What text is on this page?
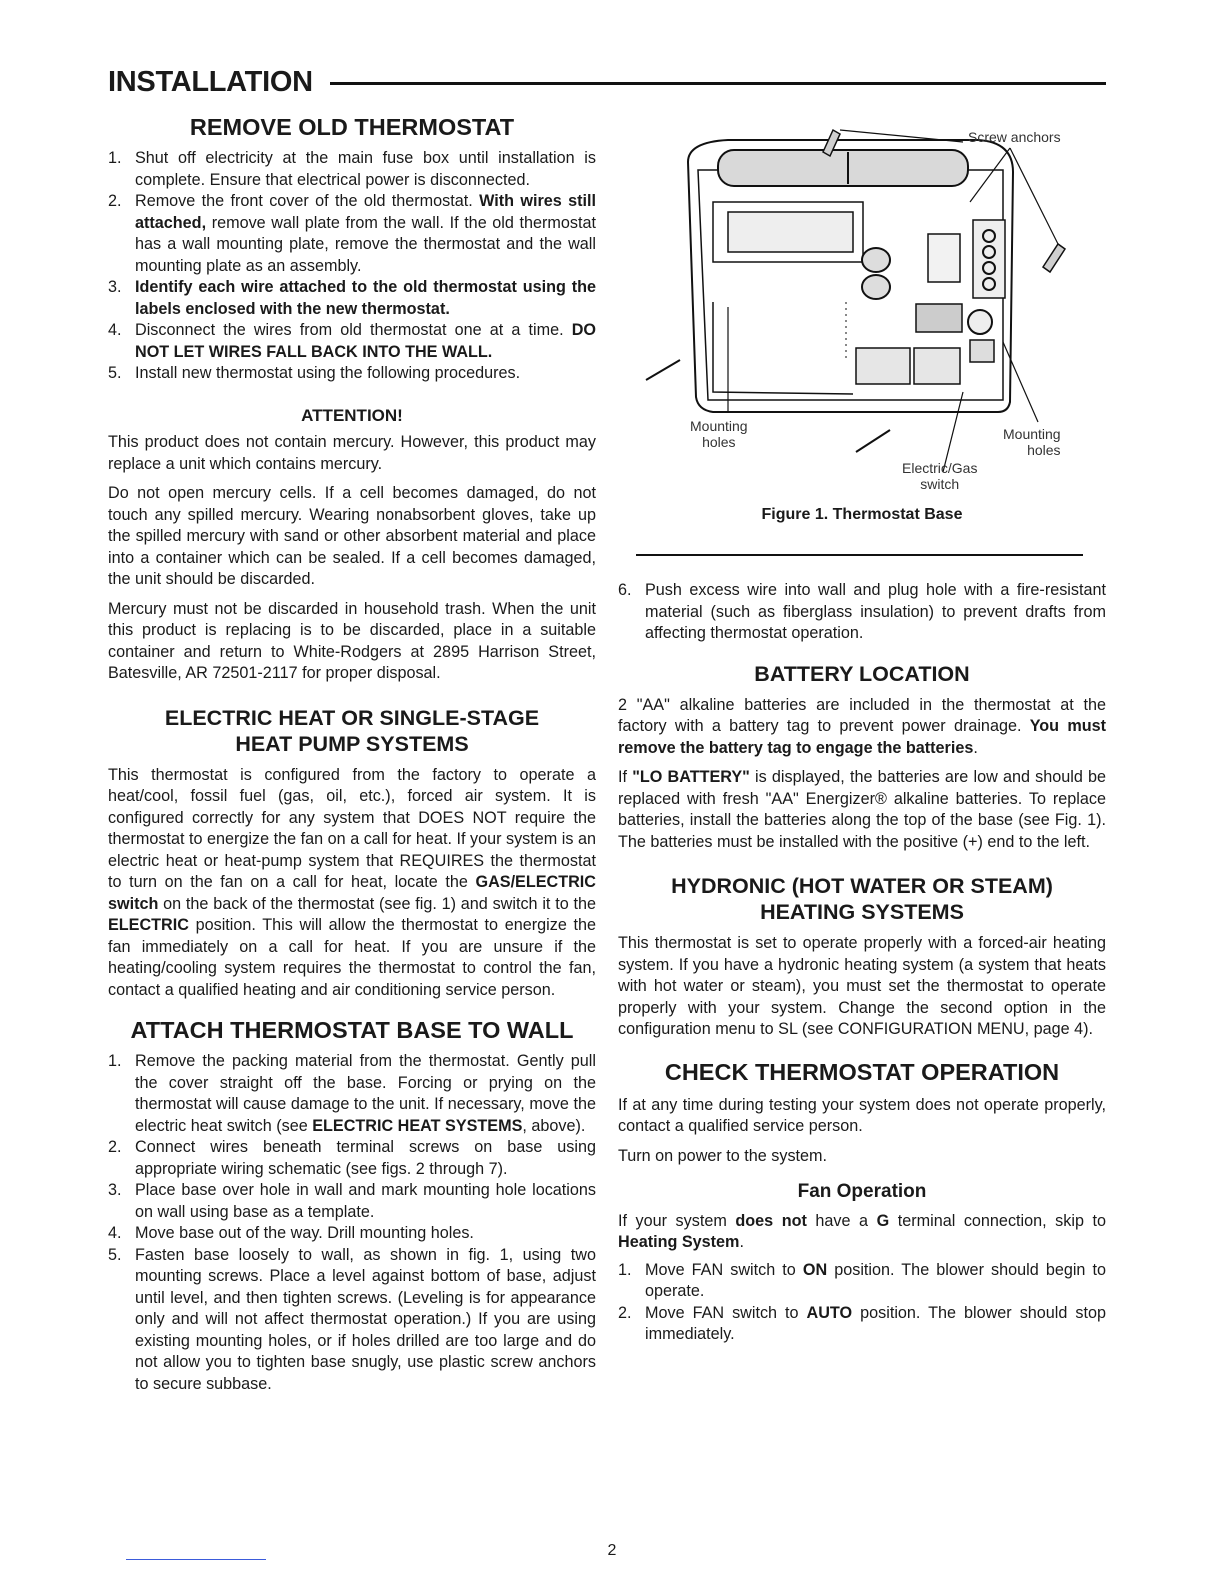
INSTALLATION
REMOVE OLD THERMOSTAT
1. Shut off electricity at the main fuse box until installation is complete. Ensure that electrical power is disconnected.
2. Remove the front cover of the old thermostat. With wires still attached, remove wall plate from the wall. If the old thermostat has a wall mounting plate, remove the thermostat and the wall mounting plate as an assembly.
3. Identify each wire attached to the old thermostat using the labels enclosed with the new thermostat.
4. Disconnect the wires from old thermostat one at a time. DO NOT LET WIRES FALL BACK INTO THE WALL.
5. Install new thermostat using the following procedures.
ATTENTION!

This product does not contain mercury. However, this product may replace a unit which contains mercury.

Do not open mercury cells. If a cell becomes damaged, do not touch any spilled mercury. Wearing nonabsorbent gloves, take up the spilled mercury with sand or other absorbent material and place into a container which can be sealed. If a cell becomes damaged, the unit should be discarded.

Mercury must not be discarded in household trash. When the unit this product is replacing is to be discarded, place in a suitable container and return to White-Rodgers at 2895 Harrison Street, Batesville, AR 72501-2117 for proper disposal.

ELECTRIC HEAT OR SINGLE-STAGE
HEAT PUMP SYSTEMS

This thermostat is configured from the factory to operate a heat/cool, fossil fuel (gas, oil, etc.), forced air system. It is configured correctly for any system that DOES NOT require the thermostat to energize the fan on a call for heat. If your system is an electric heat or heat-pump system that REQUIRES the thermostat to turn on the fan on a call for heat, locate the GAS/ELECTRIC switch on the back of the thermostat (see fig. 1) and switch it to the ELECTRIC position. This will allow the thermostat to energize the fan immediately on a call for heat. If you are unsure if the heating/cooling system requires the thermostat to control the fan, contact a qualified heating and air conditioning service person.

ATTACH THERMOSTAT BASE TO WALL
1. Remove the packing material from the thermostat. Gently pull the cover straight off the base. Forcing or prying on the thermostat will cause damage to the unit. If necessary, move the electric heat switch (see ELECTRIC HEAT SYSTEMS, above).
2. Connect wires beneath terminal screws on base using appropriate wiring schematic (see figs. 2 through 7).
3. Place base over hole in wall and mark mounting hole locations on wall using base as a template.
4. Move base out of the way. Drill mounting holes.
5. Fasten base loosely to wall, as shown in fig. 1, using two mounting screws. Place a level against bottom of base, adjust until level, and then tighten screws. (Leveling is for appearance only and will not affect thermostat operation.) If you are using existing mounting holes, or if holes drilled are too large and do not allow you to tighten base snugly, use plastic screw anchors to secure subbase.
Screw anchors
Mounting
holes	Mounting
holes
Electric/Gas
switch
Figure 1. Thermostat Base
6. Push excess wire into wall and plug hole with a fire-resistant material (such as fiberglass insulation) to prevent drafts from affecting thermostat operation.
BATTERY LOCATION

2 "AA" alkaline batteries are included in the thermostat at the factory with a battery tag to prevent power drainage. You must remove the battery tag to engage the batteries.

If "LO BATTERY" is displayed, the batteries are low and should be replaced with fresh "AA" Energizer® alkaline batteries. To replace batteries, install the batteries along the top of the base (see Fig. 1). The batteries must be installed with the positive (+) end to the left.

HYDRONIC (HOT WATER OR STEAM)
HEATING SYSTEMS

This thermostat is set to operate properly with a forced-air heating system. If you have a hydronic heating system (a system that heats with hot water or steam), you must set the thermostat to operate properly with your system. Change the second option in the configuration menu to SL (see CONFIGURATION MENU, page 4).

CHECK THERMOSTAT OPERATION

If at any time during testing your system does not operate properly, contact a qualified service person.

Turn on power to the system.

Fan Operation

If your system does not have a G terminal connection, skip to Heating System.

1. Move FAN switch to ON position. The blower should begin to operate.
2. Move FAN switch to AUTO position. The blower should stop immediately.
2
